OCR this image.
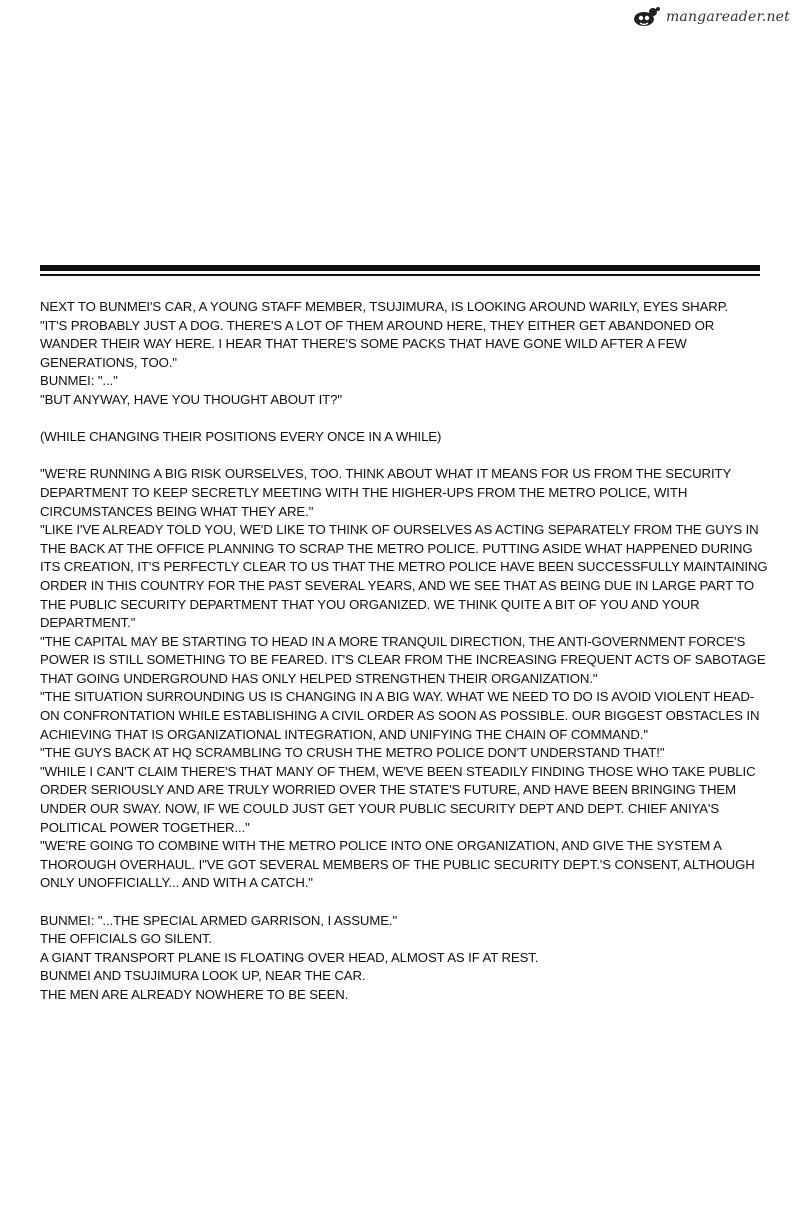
mangareader.net

NEXT TO BUNMEI'S CAR, A YOUNG STAFF MEMBER, TSUJIMURA, IS LOOKING AROUND WARILY, EYES SHARP.

"IT'S PROBABLY JUST A DOG. THERE'S A LOT OF THEM AROUND HERE, THEY EITHER GET ABANDONED OR WANDER THEIR WAY HERE. I HEAR THAT THERE'S SOME PACKS THAT HAVE GONE WILD AFTER A FEW GENERATIONS, TOO."

BUNMEI: "..."

"BUT ANYWAY, HAVE YOU THOUGHT ABOUT IT?"

(WHILE CHANGING THEIR POSITIONS EVERY ONCE IN A WHILE)

"WE'RE RUNNING A BIG RISK OURSELVES, TOO. THINK ABOUT WHAT IT MEANS FOR US FROM THE SECURITY DEPARTMENT TO KEEP SECRETLY MEETING WITH THE HIGHER-UPS FROM THE METRO POLICE, WITH CIRCUMSTANCES BEING WHAT THEY ARE."

"LIKE I'VE ALREADY TOLD YOU, WE'D LIKE TO THINK OF OURSELVES AS ACTING SEPARATELY FROM THE GUYS IN THE BACK AT THE OFFICE PLANNING TO SCRAP THE METRO POLICE. PUTTING ASIDE WHAT HAPPENED DURING ITS CREATION, IT'S PERFECTLY CLEAR TO US THAT THE METRO POLICE HAVE BEEN SUCCESSFULLY MAINTAINING ORDER IN THIS COUNTRY FOR THE PAST SEVERAL YEARS, AND WE SEE THAT AS BEING DUE IN LARGE PART TO THE PUBLIC SECURITY DEPARTMENT THAT YOU ORGANIZED. WE THINK QUITE A BIT OF YOU AND YOUR DEPARTMENT."

"THE CAPITAL MAY BE STARTING TO HEAD IN A MORE TRANQUIL DIRECTION, THE ANTI-GOVERNMENT FORCE'S POWER IS STILL SOMETHING TO BE FEARED. IT'S CLEAR FROM THE INCREASING FREQUENT ACTS OF SABOTAGE THAT GOING UNDERGROUND HAS ONLY HELPED STRENGTHEN THEIR ORGANIZATION."

"THE SITUATION SURROUNDING US IS CHANGING IN A BIG WAY. WHAT WE NEED TO DO IS AVOID VIOLENT HEAD-ON CONFRONTATION WHILE ESTABLISHING A CIVIL ORDER AS SOON AS POSSIBLE. OUR BIGGEST OBSTACLES IN ACHIEVING THAT IS ORGANIZATIONAL INTEGRATION, AND UNIFYING THE CHAIN OF COMMAND."

"THE GUYS BACK AT HQ SCRAMBLING TO CRUSH THE METRO POLICE DON'T UNDERSTAND THAT!"

"WHILE I CAN'T CLAIM THERE'S THAT MANY OF THEM, WE'VE BEEN STEADILY FINDING THOSE WHO TAKE PUBLIC ORDER SERIOUSLY AND ARE TRULY WORRIED OVER THE STATE'S FUTURE, AND HAVE BEEN BRINGING THEM UNDER OUR SWAY. NOW, IF WE COULD JUST GET YOUR PUBLIC SECURITY DEPT AND DEPT. CHIEF ANIYA'S POLITICAL POWER TOGETHER..."

"WE'RE GOING TO COMBINE WITH THE METRO POLICE INTO ONE ORGANIZATION, AND GIVE THE SYSTEM A THOROUGH OVERHAUL. I"VE GOT SEVERAL MEMBERS OF THE PUBLIC SECURITY DEPT.'S CONSENT, ALTHOUGH ONLY UNOFFICIALLY... AND WITH A CATCH."

BUNMEI: "...THE SPECIAL ARMED GARRISON, I ASSUME."

THE OFFICIALS GO SILENT.

A GIANT TRANSPORT PLANE IS FLOATING OVER HEAD, ALMOST AS IF AT REST.

BUNMEI AND TSUJIMURA LOOK UP, NEAR THE CAR.

THE MEN ARE ALREADY NOWHERE TO BE SEEN.
